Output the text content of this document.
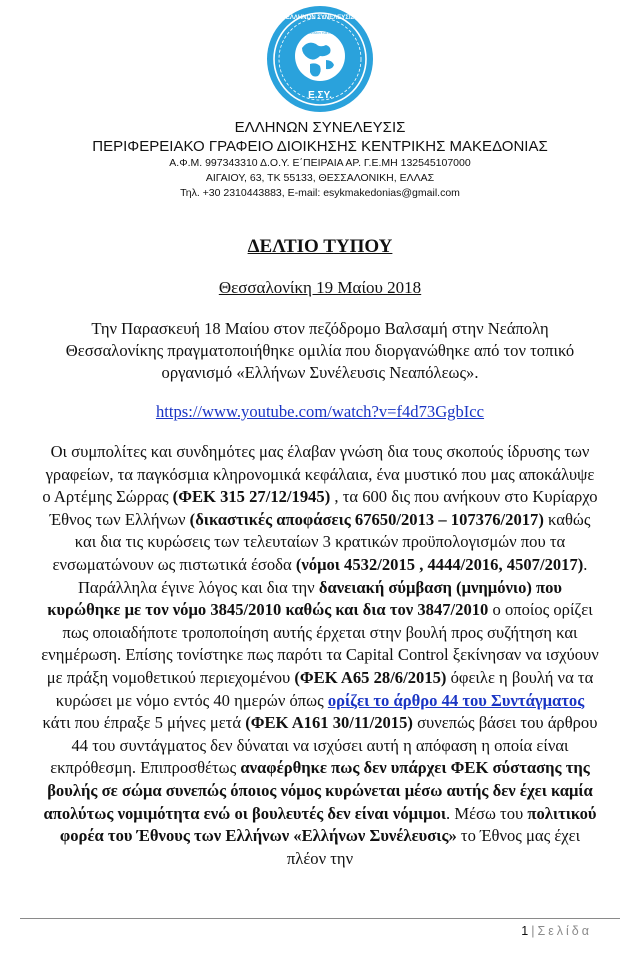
ΕΛΛΗΝΩΝ ΣΥΝΕΛΕΥΣΙΣ
Ε.ΣΥ.
ΑΠΑΝΤΑΧΟΥ ΤΗΣ ΓΑΙΑΣ
ΕΛΛΗΝΩΝ ΣΥΝΕΛΕΥΣΙΣ
ΠΕΡΙΦΕΡΕΙΑΚΟ ΓΡΑΦΕΙΟ ΔΙΟΙΚΗΣΗΣ ΚΕΝΤΡΙΚΗΣ ΜΑΚΕΔΟΝΙΑΣ
Α.Φ.Μ. 997343310 Δ.Ο.Υ. Ε΄ΠΕΙΡΑΙΑ ΑΡ. Γ.Ε.ΜΗ 132545107000
ΑΙΓΑΙΟΥ, 63, ΤΚ 55133, ΘΕΣΣΑΛΟΝΙΚΗ, ΕΛΛΑΣ
Τηλ. +30 2310443883, E-mail: esykmakedonias@gmail.com
ΔΕΛΤΙΟ ΤΥΠΟΥ
Θεσσαλονίκη 19 Μαίου 2018
Την Παρασκευή 18 Μαίου στον πεζόδρομο Βαλσαμή στην Νεάπολη Θεσσαλονίκης πραγματοποιήθηκε ομιλία που διοργανώθηκε από τον τοπικό οργανισμό «Ελλήνων Συνέλευσις Νεαπόλεως».
https://www.youtube.com/watch?v=f4d73GgbIcc
Οι συμπολίτες και συνδημότες μας έλαβαν γνώση δια τους σκοπούς ίδρυσης των γραφείων, τα παγκόσμια κληρονομικά κεφάλαια, ένα μυστικό που μας αποκάλυψε ο Αρτέμης Σώρρας (ΦΕΚ 315 27/12/1945) , τα 600 δις που ανήκουν στο Κυρίαρχο Έθνος των Ελλήνων (δικαστικές αποφάσεις 67650/2013 – 107376/2017) καθώς και δια τις κυρώσεις των τελευταίων 3 κρατικών προϋπολογισμών που τα ενσωματώνουν ως πιστωτικά έσοδα (νόμοι 4532/2015 , 4444/2016, 4507/2017). Παράλληλα έγινε λόγος και δια την δανειακή σύμβαση (μνημόνιο) που κυρώθηκε με τον νόμο 3845/2010 καθώς και δια τον 3847/2010 ο οποίος ορίζει πως οποιαδήποτε τροποποίηση αυτής έρχεται στην βουλή προς συζήτηση και ενημέρωση. Επίσης τονίστηκε πως παρότι τα Capital Control ξεκίνησαν να ισχύουν με πράξη νομοθετικού περιεχομένου (ΦΕΚ Α65 28/6/2015) όφειλε η βουλή να τα κυρώσει με νόμο εντός 40 ημερών όπως ορίζει το άρθρο 44 του Συντάγματος κάτι που έπραξε 5 μήνες μετά (ΦΕΚ Α161 30/11/2015) συνεπώς βάσει του άρθρου 44 του συντάγματος δεν δύναται να ισχύσει αυτή η απόφαση η οποία είναι εκπρόθεσμη. Επιπροσθέτως αναφέρθηκε πως δεν υπάρχει ΦΕΚ σύστασης της βουλής σε σώμα συνεπώς όποιος νόμος κυρώνεται μέσω αυτής δεν έχει καμία απολύτως νομιμότητα ενώ οι βουλευτές δεν είναι νόμιμοι. Μέσω του πολιτικού φορέα του Έθνους των Ελλήνων «Ελλήνων Συνέλευσις» το Έθνος μας έχει πλέον την
1 | Σελίδα
